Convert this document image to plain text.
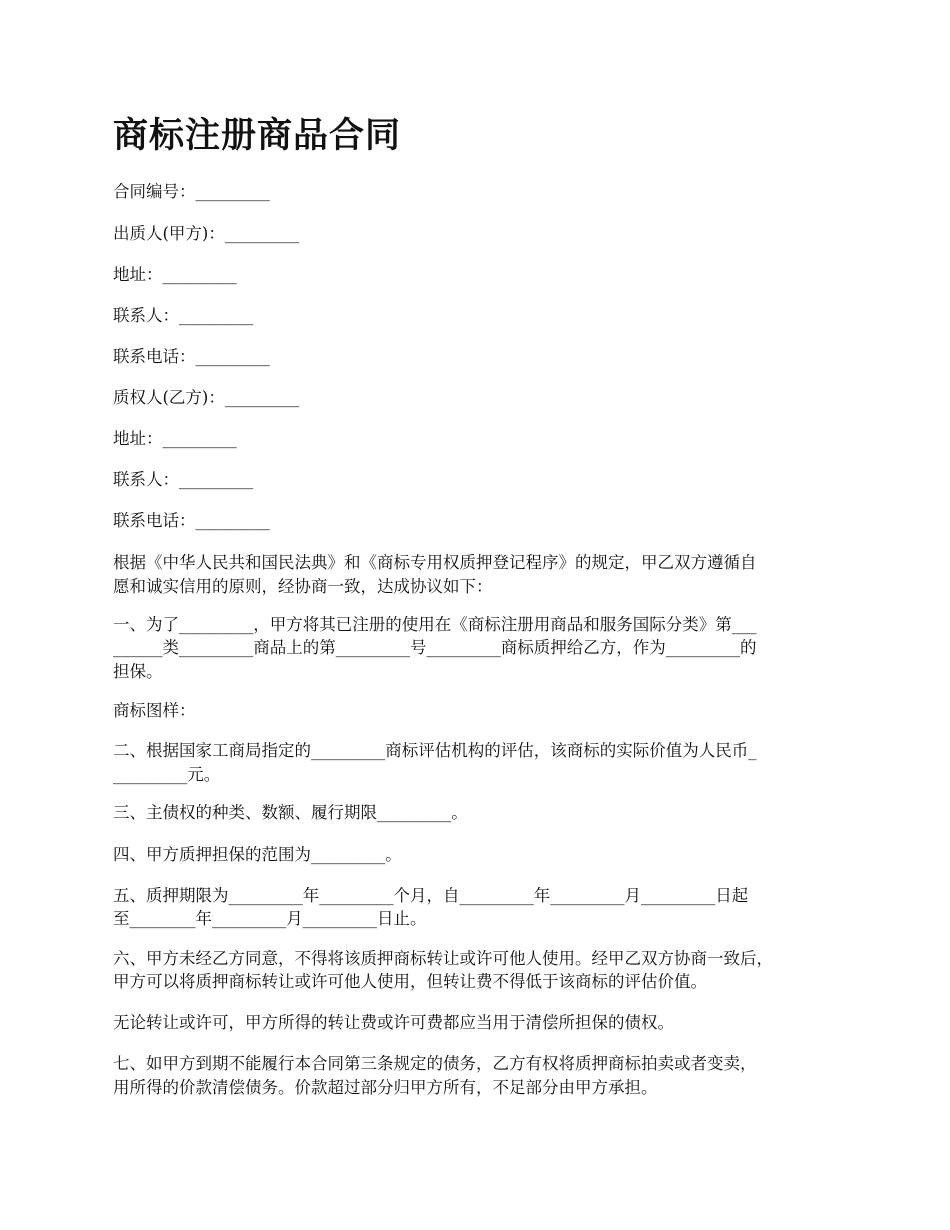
商标注册商品合同

合同编号：_________

出质人(甲方)：_________

地址：_________

联系人：_________

联系电话：_________

质权人(乙方)：_________

地址：_________

联系人：_________

联系电话：_________

根据《中华人民共和国民法典》和《商标专用权质押登记程序》的规定，甲乙双方遵循自

愿和诚实信用的原则，经协商一致，达成协议如下：

一、为了_________，甲方将其已注册的使用在《商标注册用商品和服务国际分类》第___

______类_________商品上的第_________号_________商标质押给乙方，作为_________的

担保。

商标图样：

二、根据国家工商局指定的_________商标评估机构的评估，该商标的实际价值为人民币_

_________元。

三、主债权的种类、数额、履行期限_________。

四、甲方质押担保的范围为_________。

五、质押期限为_________年_________个月，自_________年_________月_________日起

至________年_________月_________日止。

六、甲方未经乙方同意，不得将该质押商标转让或许可他人使用。经甲乙双方协商一致后，

甲方可以将质押商标转让或许可他人使用，但转让费不得低于该商标的评估价值。

无论转让或许可，甲方所得的转让费或许可费都应当用于清偿所担保的债权。

七、如甲方到期不能履行本合同第三条规定的债务，乙方有权将质押商标拍卖或者变卖，

用所得的价款清偿债务。价款超过部分归甲方所有，不足部分由甲方承担。
